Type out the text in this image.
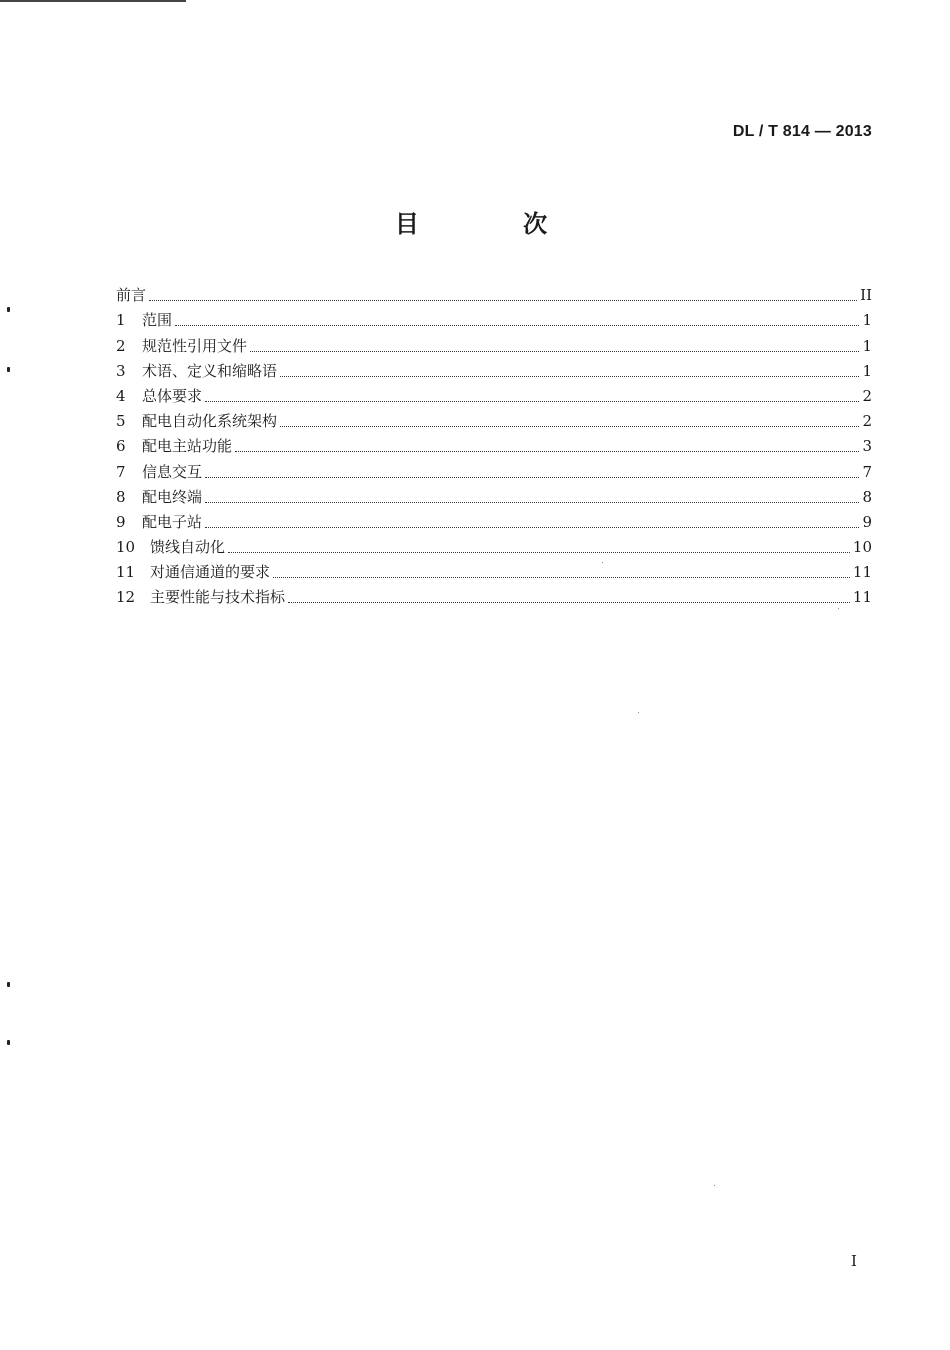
DL / T 814 — 2013
目 次
前言	II
1	范围	1
2	规范性引用文件	1
3	术语、定义和缩略语	1
4	总体要求	2
5	配电自动化系统架构	2
6	配电主站功能	3
7	信息交互	7
8	配电终端	8
9	配电子站	9
10 馈线自动化	10
11 对通信通道的要求	11
12 主要性能与技术指标	11
I
